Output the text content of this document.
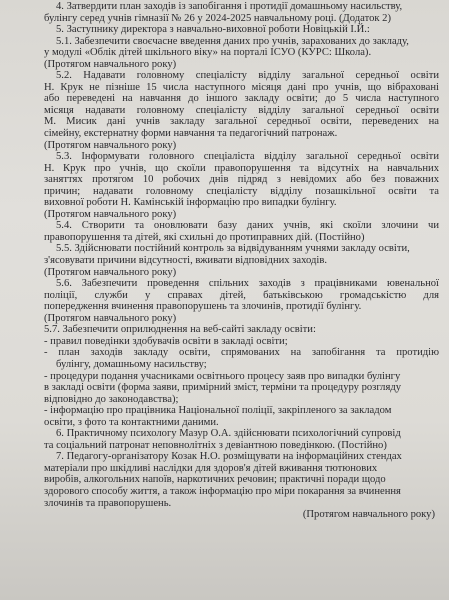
4. Затвердити план заходів із запобігання і протидії домашньому насильству,
булінгу серед учнів гімназії № 26 у 2024-2025 навчальному році. (Додаток 2)
5. Заступнику директора з навчально-виховної роботи Новіцькій І.Й.:
5.1. Забезпечити своєчасне введення даних про учнів, зарахованих до закладу,
у модулі «Облік дітей шкільного віку» на порталі ІСУО (КУРС: Школа).
(Протягом навчального року)
5.2. Надавати головному спеціалісту відділу загальної середньої освіти
Н. Крук не пізніше 15 числа наступного місяця дані про учнів, що вібраховані
або переведені на навчання до іншого закладу освіти; до 5 числа наступного
місяця надавати головному спеціалісту відділу загальної середньої освіти
М. Мисик дані учнів закладу загальної середньої освіти, переведених на
сімейну, екстернатну форми навчання та педагогічний патронаж.
(Протягом навчального року)
5.3. Інформувати головного спеціаліста відділу загальної середньої освіти
Н. Крук про учнів, що скоїли правопорушення та відсутніх на навчальних
заняттях протягом 10 робочих днів підряд з невідомих або без поважних
причин; надавати головному спеціалісту відділу позашкільної освіти та
виховної роботи Н. Камінській інформацію про випадки булінгу.
(Протягом навчального року)
5.4. Створити та оновлювати базу даних учнів, які скоїли злочини чи
правопорушення та дітей, які схильні до протиправних дій. (Постійно)
5.5. Здійснювати постійний контроль за відвідуванням учнями закладу освіти,
з'ясовувати причини відсутності, вживати відповідних заходів.
(Протягом навчального року)
5.6. Забезпечити проведення спільних заходів з працівниками ювенальної
поліції, служби у справах дітей, батьківською громадськістю для
попередження вчинення правопорушень та злочинів, протидії булінгу.
(Протягом навчального року)
5.7. Забезпечити оприлюднення на веб-сайті закладу освіти:
- правил поведінки здобувачів освіти в закладі освіти;
- план заходів закладу освіти, спрямованих на запобігання та протидію
булінгу, домашньому насильству;
- процедури подання учасниками освітнього процесу заяв про випадки булінгу
в закладі освіти (форма заяви, примірний зміст, терміни та процедуру розгляду
відповідно до законодавства);
- інформацію про працівника Національної поліції, закріпленого за закладом
освіти, з фото та контактними даними.
6. Практичному психологу Мазур О.А. здійснювати психологічний супровід
та соціальний патронат неповнолітніх з девіантною поведінкою. (Постійно)
7. Педагогу-організатору Козак Н.О. розміщувати на інформаційних стендах
матеріали про шкідливі наслідки для здоров'я дітей вживання тютюнових
виробів, алкогольних напоїв, наркотичних речовин; практичні поради щодо
здорового способу життя, а також інформацію про міри покарання за вчинення
злочинів та правопорушень.
(Протягом навчального року)
